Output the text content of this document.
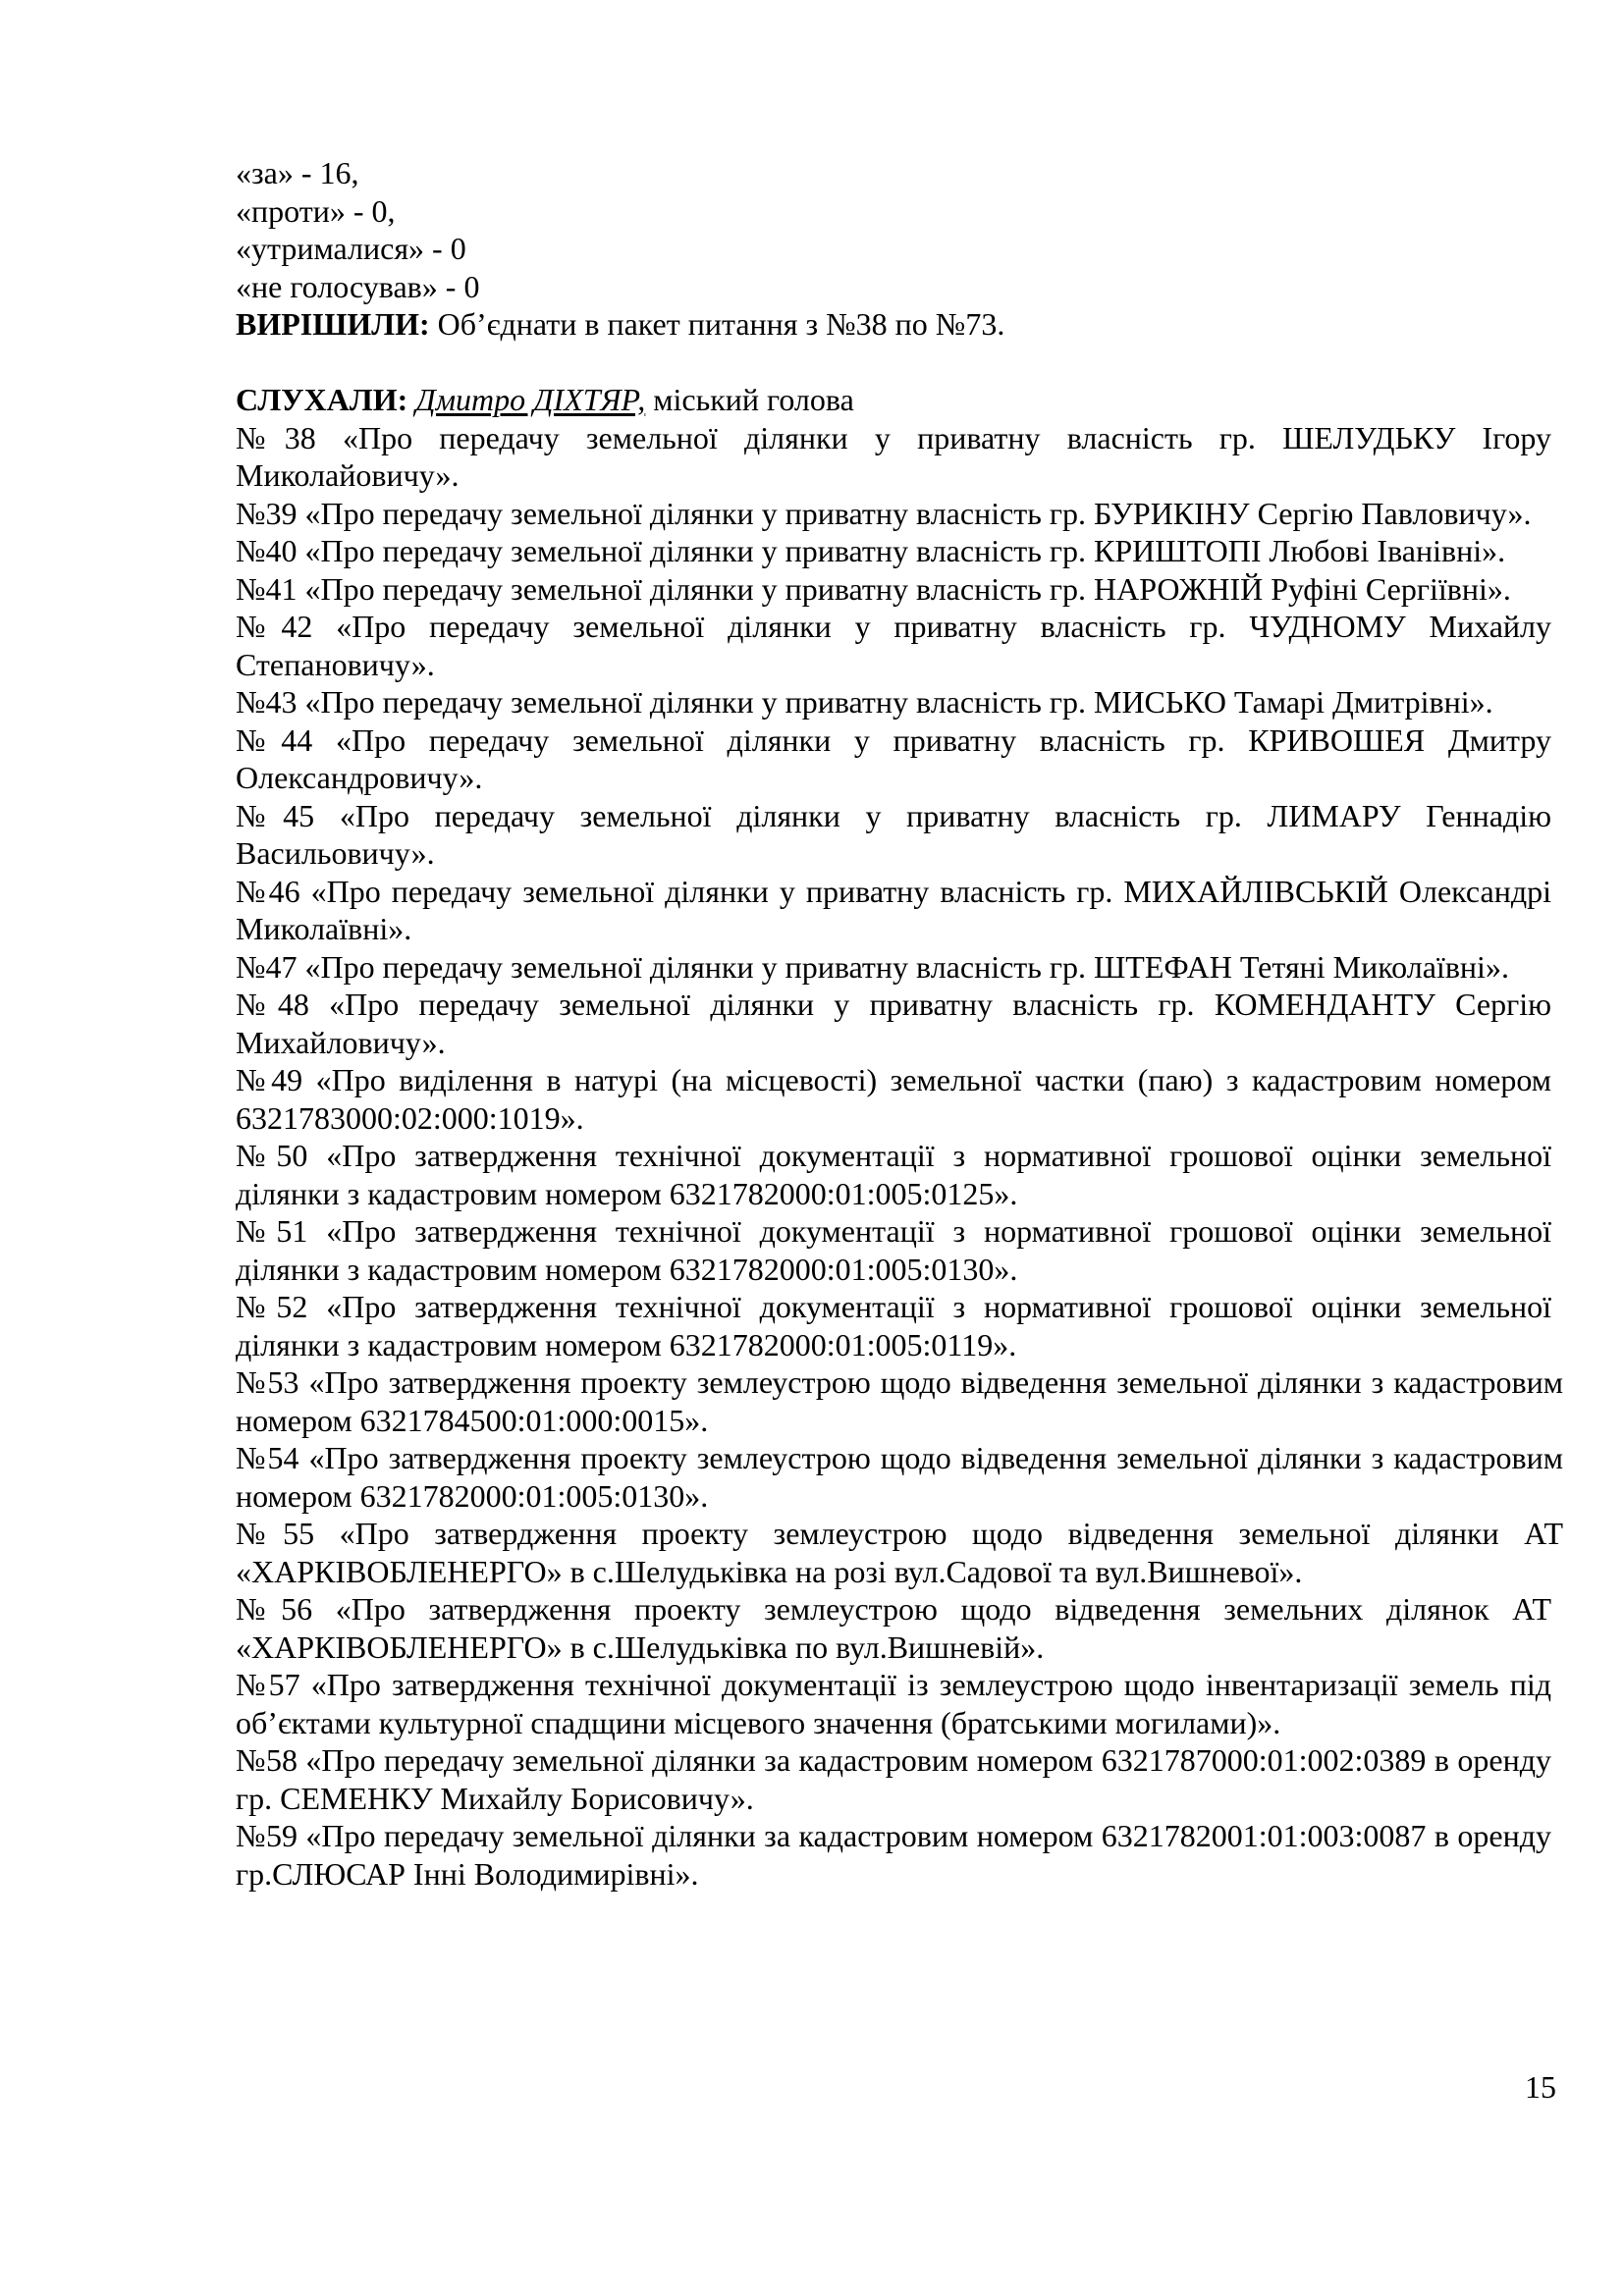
«за» - 16,
«проти» - 0,
«утрималися» - 0
«не голосував» - 0
ВИРІШИЛИ: Об’єднати в пакет питання з №38 по №73.
СЛУХАЛИ: Дмитро ДІХТЯР, міський голова
№38 «Про передачу земельної ділянки у приватну власність гр. ШЕЛУДЬКУ Ігору Миколайовичу».
№39 «Про передачу земельної ділянки у приватну власність гр. БУРИКІНУ Сергію Павловичу».
№40 «Про передачу земельної ділянки у приватну власність гр. КРИШТОПІ Любові Іванівні».
№41 «Про передачу земельної ділянки у приватну власність гр. НАРОЖНІЙ Руфіні Сергіївні».
№42 «Про передачу земельної ділянки у приватну власність гр. ЧУДНОМУ Михайлу Степановичу».
№43 «Про передачу земельної ділянки у приватну власність гр. МИСЬКО Тамарі Дмитрівні».
№44 «Про передачу земельної ділянки у приватну власність гр. КРИВОШЕЯ Дмитру Олександровичу».
№45 «Про передачу земельної ділянки у приватну власність гр. ЛИМАРУ Геннадію Васильовичу».
№46 «Про передачу земельної ділянки у приватну власність гр. МИХАЙЛІВСЬКІЙ Олександрі Миколаївні».
№47 «Про передачу земельної ділянки у приватну власність гр. ШТЕФАН Тетяні Миколаївні».
№48 «Про передачу земельної ділянки у приватну власність гр. КОМЕНДАНТУ Сергію Михайловичу».
№49 «Про виділення в натурі (на місцевості) земельної частки (паю) з кадастровим номером 6321783000:02:000:1019».
№50 «Про затвердження технічної документації з нормативної грошової оцінки земельної ділянки з кадастровим номером 6321782000:01:005:0125».
№51 «Про затвердження технічної документації з нормативної грошової оцінки земельної ділянки з кадастровим номером 6321782000:01:005:0130».
№52 «Про затвердження технічної документації з нормативної грошової оцінки земельної ділянки з кадастровим номером 6321782000:01:005:0119».
№53 «Про затвердження проекту землеустрою щодо відведення земельної ділянки з кадастровим номером 6321784500:01:000:0015».
№54 «Про затвердження проекту землеустрою щодо відведення земельної ділянки з кадастровим номером 6321782000:01:005:0130».
№55 «Про затвердження проекту землеустрою щодо відведення земельної ділянки АТ «ХАРКІВОБЛЕНЕРГО» в с.Шелудьківка на розі вул.Садової та вул.Вишневої».
№56 «Про затвердження проекту землеустрою щодо відведення земельних ділянок АТ «ХАРКІВОБЛЕНЕРГО» в с.Шелудьківка по вул.Вишневій».
№57 «Про затвердження технічної документації із землеустрою щодо інвентаризації земель під об’єктами культурної спадщини місцевого значення (братськими могилами)».
№58 «Про передачу земельної ділянки за кадастровим номером 6321787000:01:002:0389 в оренду гр. СЕМЕНКУ Михайлу Борисовичу».
№59 «Про передачу земельної ділянки за кадастровим номером 6321782001:01:003:0087 в оренду гр.СЛЮСАР Інні Володимирівні».
15
